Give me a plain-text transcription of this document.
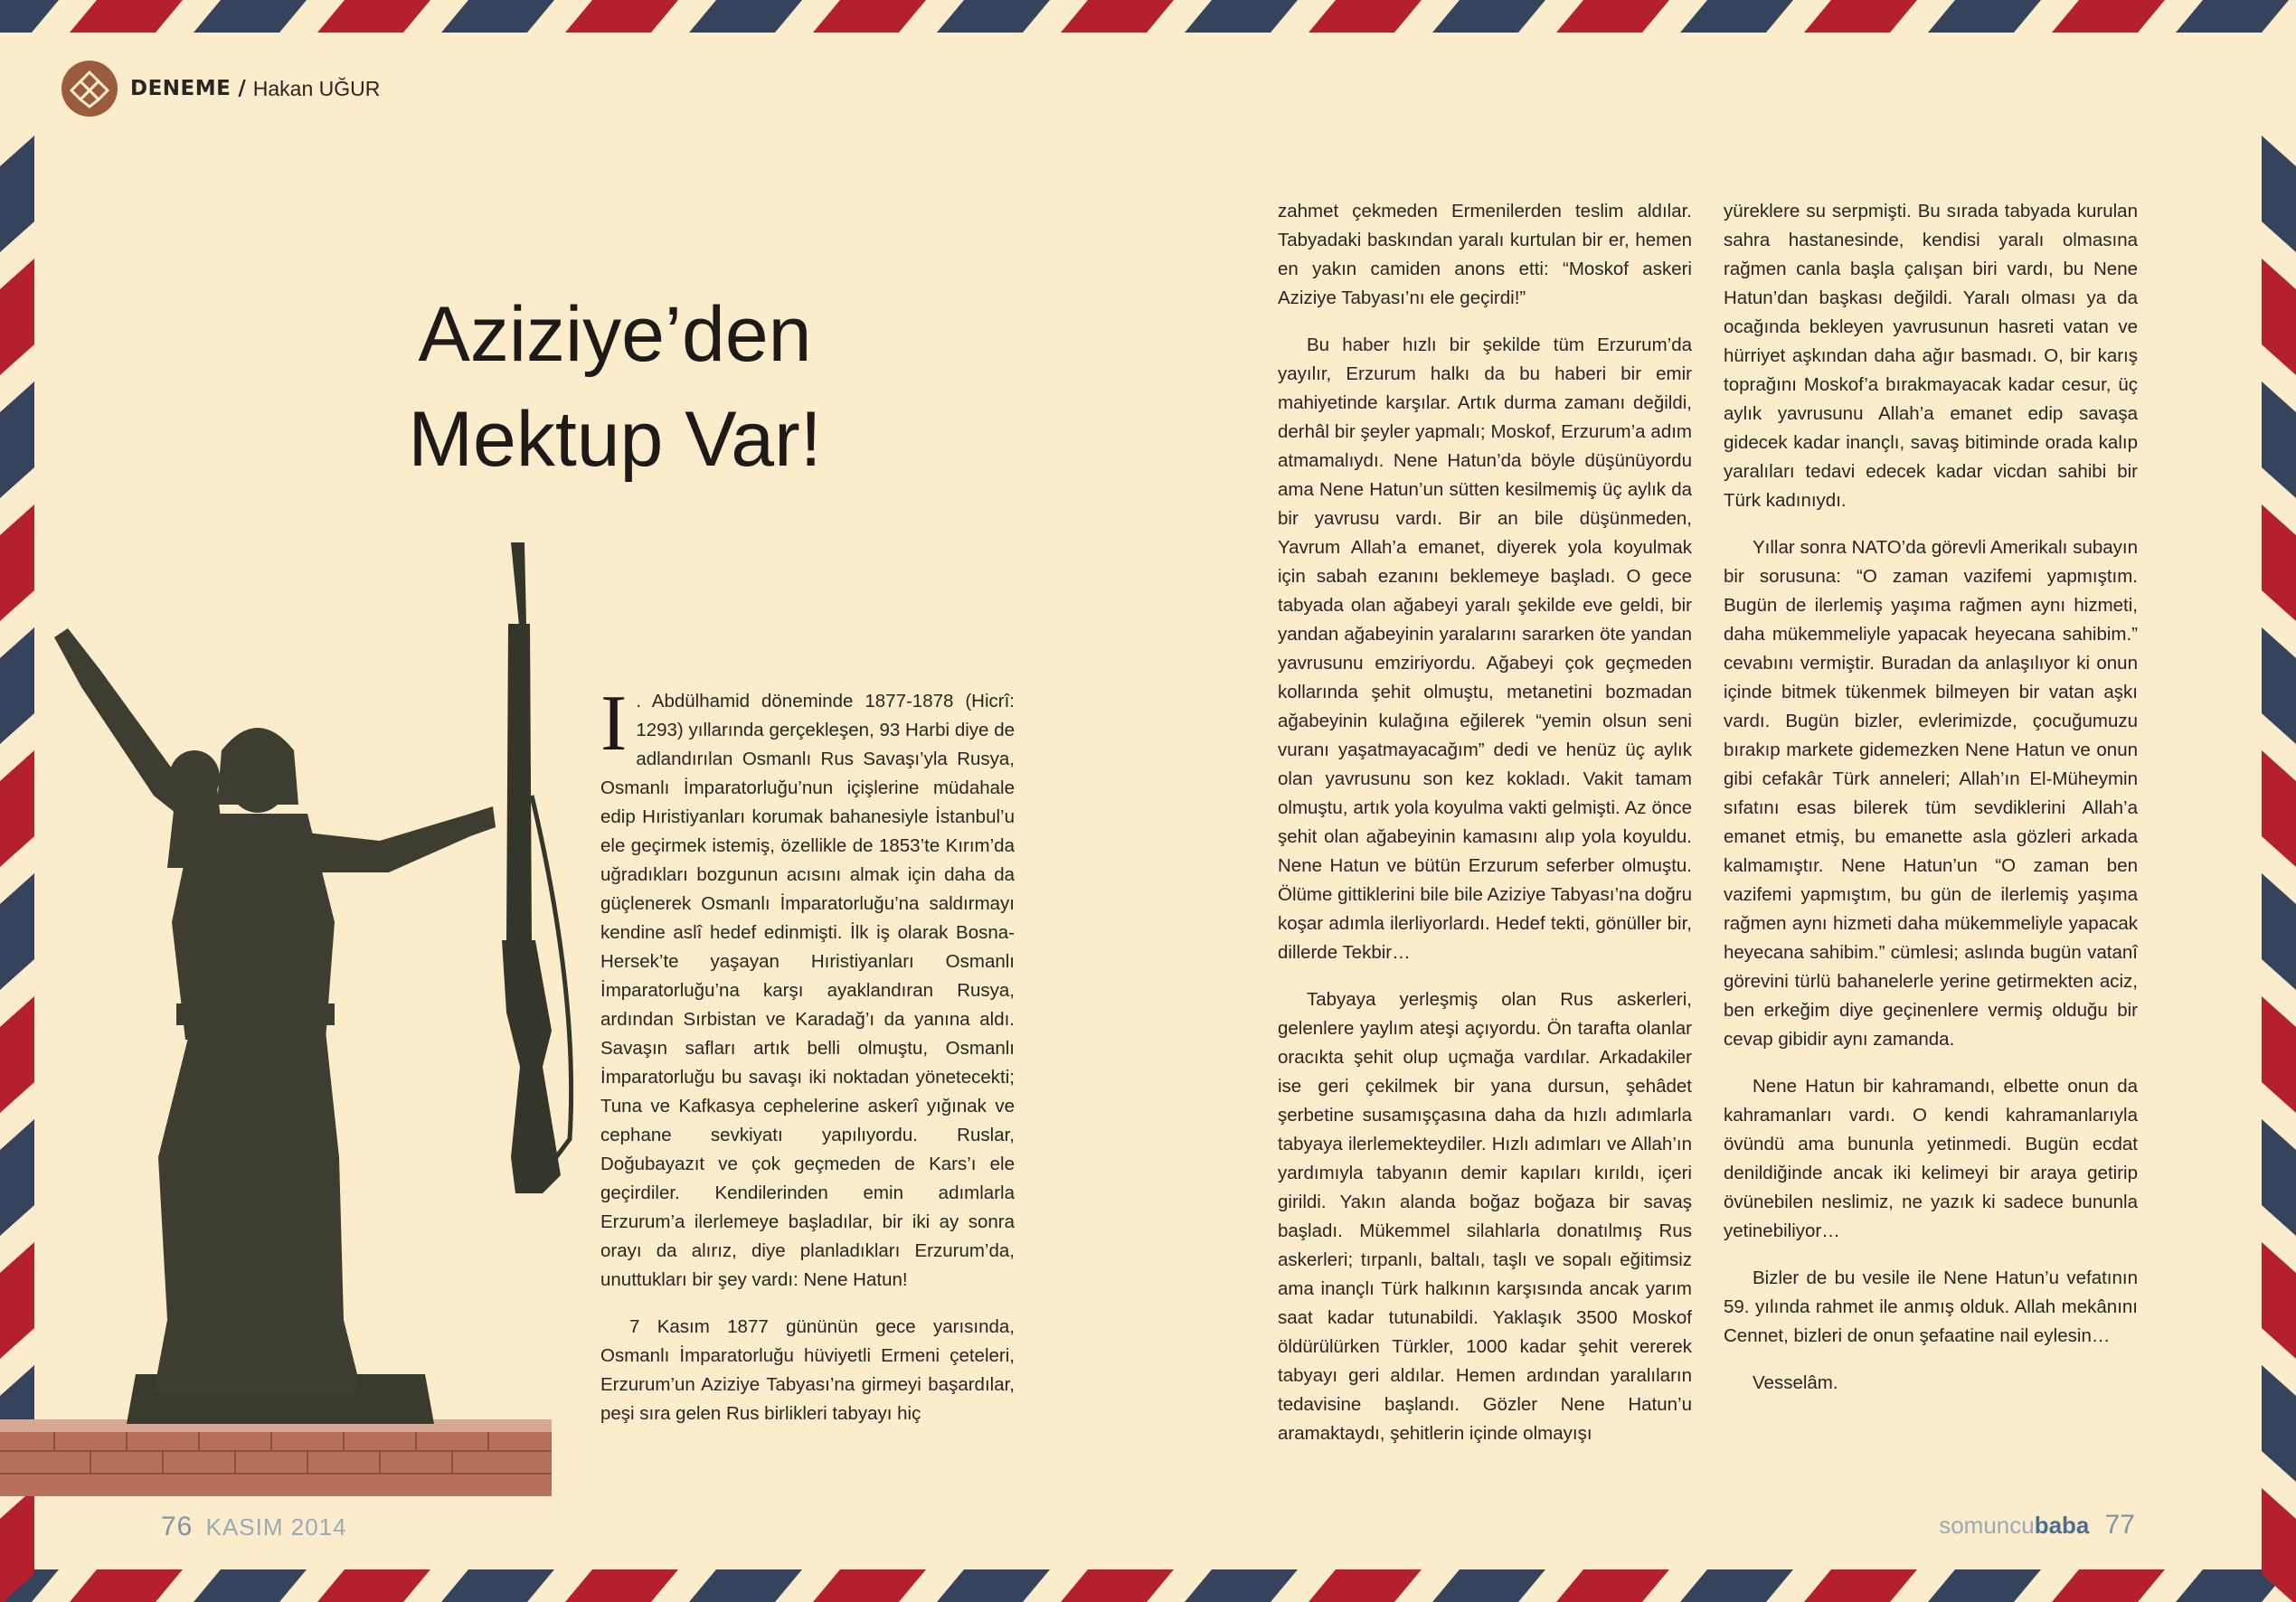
DENEME / Hakan UĞUR
Aziziye’den
Mektup Var!

I . Abdülhamid döneminde 1877-1878 (Hicrî: 1293) yıllarında gerçekleşen, 93 Harbi diye de adlandırılan Osmanlı Rus Savaşı’yla Rusya, Osmanlı İmparatorluğu’nun içişlerine müdahale edip Hıristiyanları korumak bahanesiyle İstanbul’u ele geçirmek istemiş, özellikle de 1853’te Kırım’da uğradıkları bozgunun acısını almak için daha da güçlenerek Osmanlı İmparatorluğu’na saldırmayı kendine aslî hedef edinmişti. İlk iş olarak Bosna-Hersek’te yaşayan Hıristiyanları Osmanlı İmparatorluğu’na karşı ayaklandıran Rusya, ardından Sırbistan ve Karadağ’ı da yanına aldı. Savaşın safları artık belli olmuştu, Osmanlı İmparatorluğu bu savaşı iki noktadan yönetecekti; Tuna ve Kafkasya cephelerine askerî yığınak ve cephane sevkiyatı yapılıyordu. Ruslar, Doğubayazıt ve çok geçmeden de Kars’ı ele geçirdiler. Kendilerinden emin adımlarla Erzurum’a ilerlemeye başladılar, bir iki ay sonra orayı da alırız, diye planladıkları Erzurum’da, unuttukları bir şey vardı: Nene Hatun!

7 Kasım 1877 gününün gece yarısında, Osmanlı İmparatorluğu hüviyetli Ermeni çeteleri, Erzurum’un Aziziye Tabyası’na girmeyi başardılar, peşi sıra gelen Rus birlikleri tabyayı hiç

zahmet çekmeden Ermenilerden teslim aldılar. Tabyadaki baskından yaralı kurtulan bir er, hemen en yakın camiden anons etti: “Moskof askeri Aziziye Tabyası’nı ele geçirdi!”

Bu haber hızlı bir şekilde tüm Erzurum’da yayılır, Erzurum halkı da bu haberi bir emir mahiyetinde karşılar. Artık durma zamanı değildi, derhâl bir şeyler yapmalı; Moskof, Erzurum’a adım atmamalıydı. Nene Hatun’da böyle düşünüyordu ama Nene Hatun’un sütten kesilmemiş üç aylık da bir yavrusu vardı. Bir an bile düşünmeden, Yavrum Allah’a emanet, diyerek yola koyulmak için sabah ezanını beklemeye başladı. O gece tabyada olan ağabeyi yaralı şekilde eve geldi, bir yandan ağabeyinin yaralarını sararken öte yandan yavrusunu emziriyordu. Ağabeyi çok geçmeden kollarında şehit olmuştu, metanetini bozmadan ağabeyinin kulağına eğilerek “yemin olsun seni vuranı yaşatmayacağım” dedi ve henüz üç aylık olan yavrusunu son kez kokladı. Vakit tamam olmuştu, artık yola koyulma vakti gelmişti. Az önce şehit olan ağabeyinin kamasını alıp yola koyuldu. Nene Hatun ve bütün Erzurum seferber olmuştu. Ölüme gittiklerini bile bile Aziziye Tabyası’na doğru koşar adımla ilerliyorlardı. Hedef tekti, gönüller bir, dillerde Tekbir…

Tabyaya yerleşmiş olan Rus askerleri, gelenlere yaylım ateşi açıyordu. Ön tarafta olanlar oracıkta şehit olup uçmağa vardılar. Arkadakiler ise geri çekilmek bir yana dursun, şehâdet şerbetine susamışçasına daha da hızlı adımlarla tabyaya ilerlemekteydiler. Hızlı adımları ve Allah’ın yardımıyla tabyanın demir kapıları kırıldı, içeri girildi. Yakın alanda boğaz boğaza bir savaş başladı. Mükemmel silahlarla donatılmış Rus askerleri; tırpanlı, baltalı, taşlı ve sopalı eğitimsiz ama inançlı Türk halkının karşısında ancak yarım saat kadar tutunabildi. Yaklaşık 3500 Moskof öldürülürken Türkler, 1000 kadar şehit vererek tabyayı geri aldılar. Hemen ardından yaralıların tedavisine başlandı. Gözler Nene Hatun’u aramaktaydı, şehitlerin içinde olmayışı

yüreklere su serpmişti. Bu sırada tabyada kurulan sahra hastanesinde, kendisi yaralı olmasına rağmen canla başla çalışan biri vardı, bu Nene Hatun’dan başkası değildi. Yaralı olması ya da ocağında bekleyen yavrusunun hasreti vatan ve hürriyet aşkından daha ağır basmadı. O, bir karış toprağını Moskof’a bırakmayacak kadar cesur, üç aylık yavrusunu Allah’a emanet edip savaşa gidecek kadar inançlı, savaş bitiminde orada kalıp yaralıları tedavi edecek kadar vicdan sahibi bir Türk kadınıydı.

Yıllar sonra NATO’da görevli Amerikalı subayın bir sorusuna: “O zaman vazifemi yapmıştım. Bugün de ilerlemiş yaşıma rağmen aynı hizmeti, daha mükemmeliyle yapacak heyecana sahibim.” cevabını vermiştir. Buradan da anlaşılıyor ki onun içinde bitmek tükenmek bilmeyen bir vatan aşkı vardı. Bugün bizler, evlerimizde, çocuğumuzu bırakıp markete gidemezken Nene Hatun ve onun gibi cefakâr Türk anneleri; Allah’ın El-Müheymin sıfatını esas bilerek tüm sevdiklerini Allah’a emanet etmiş, bu emanette asla gözleri arkada kalmamıştır. Nene Hatun’un “O zaman ben vazifemi yapmıştım, bu gün de ilerlemiş yaşıma rağmen aynı hizmeti daha mükemmeliyle yapacak heyecana sahibim.” cümlesi; aslında bugün vatanî görevini türlü bahanelerle yerine getirmekten aciz, ben erkeğim diye geçinenlere vermiş olduğu bir cevap gibidir aynı zamanda.

Nene Hatun bir kahramandı, elbette onun da kahramanları vardı. O kendi kahramanlarıyla övündü ama bununla yetinmedi. Bugün ecdat denildiğinde ancak iki kelimeyi bir araya getirip övünebilen neslimiz, ne yazık ki sadece bununla yetinebiliyor…

Bizler de bu vesile ile Nene Hatun’u vefatının 59. yılında rahmet ile anmış olduk. Allah mekânını Cennet, bizleri de onun şefaatine nail eylesin…

Vesselâm.

76 KASIM 2014	somuncubaba 77
